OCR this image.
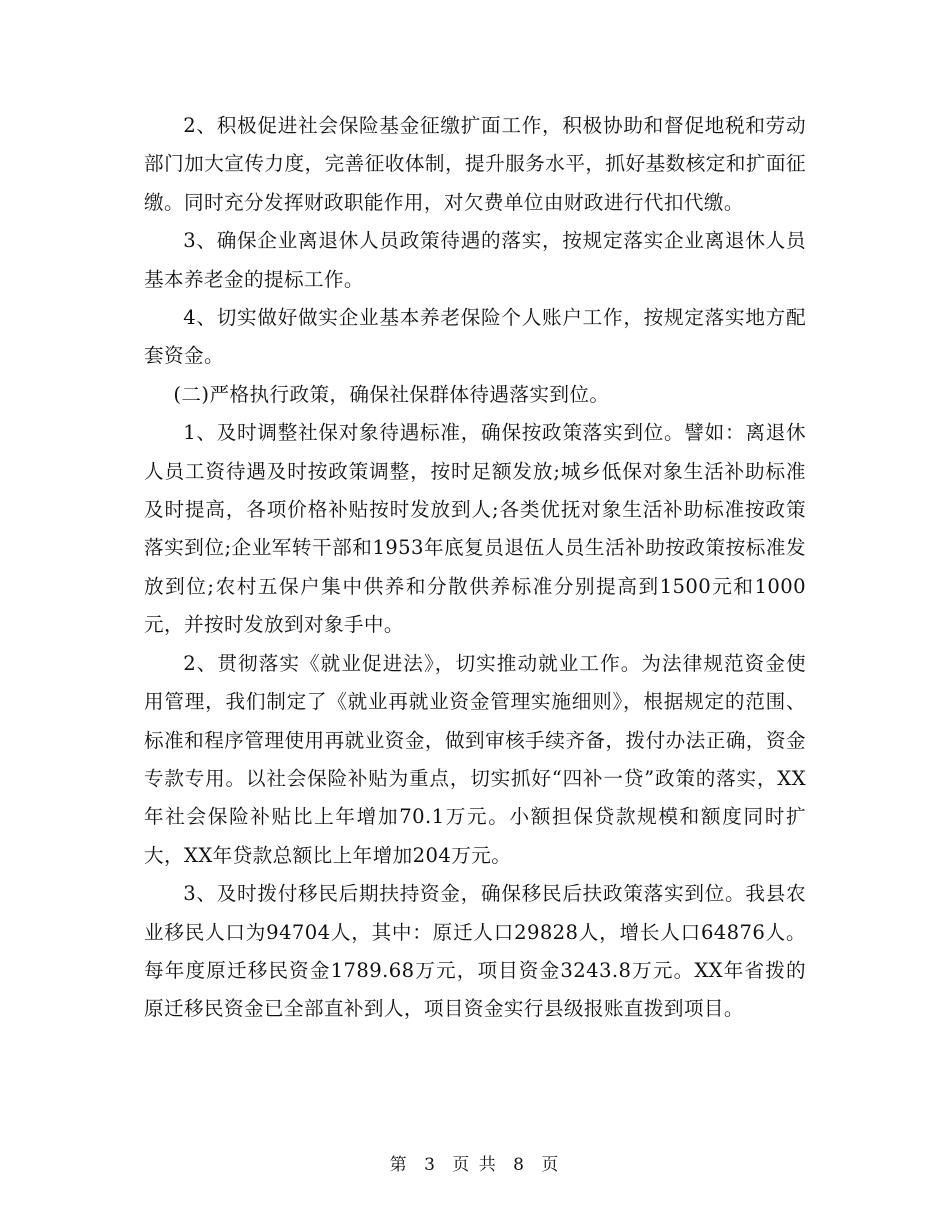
2、积极促进社会保险基金征缴扩面工作，积极协助和督促地税和劳动部门加大宣传力度，完善征收体制，提升服务水平，抓好基数核定和扩面征缴。同时充分发挥财政职能作用，对欠费单位由财政进行代扣代缴。

3、确保企业离退休人员政策待遇的落实，按规定落实企业离退休人员基本养老金的提标工作。

4、切实做好做实企业基本养老保险个人账户工作，按规定落实地方配套资金。

(二)严格执行政策，确保社保群体待遇落实到位。

1、及时调整社保对象待遇标准，确保按政策落实到位。譬如：离退休人员工资待遇及时按政策调整，按时足额发放;城乡低保对象生活补助标准及时提高，各项价格补贴按时发放到人;各类优抚对象生活补助标准按政策落实到位;企业军转干部和1953年底复员退伍人员生活补助按政策按标准发放到位;农村五保户集中供养和分散供养标准分别提高到1500元和1000元，并按时发放到对象手中。

2、贯彻落实《就业促进法》，切实推动就业工作。为法律规范资金使用管理，我们制定了《就业再就业资金管理实施细则》，根据规定的范围、标准和程序管理使用再就业资金，做到审核手续齐备，拨付办法正确，资金专款专用。以社会保险补贴为重点，切实抓好“四补一贷”政策的落实，XX年社会保险补贴比上年增加70.1万元。小额担保贷款规模和额度同时扩大，XX年贷款总额比上年增加204万元。

3、及时拨付移民后期扶持资金，确保移民后扶政策落实到位。我县农业移民人口为94704人，其中：原迁人口29828人，增长人口64876人。每年度原迁移民资金1789.68万元，项目资金3243.8万元。XX年省拨的原迁移民资金已全部直补到人，项目资金实行县级报账直拨到项目。

第 3 页 共 8 页
